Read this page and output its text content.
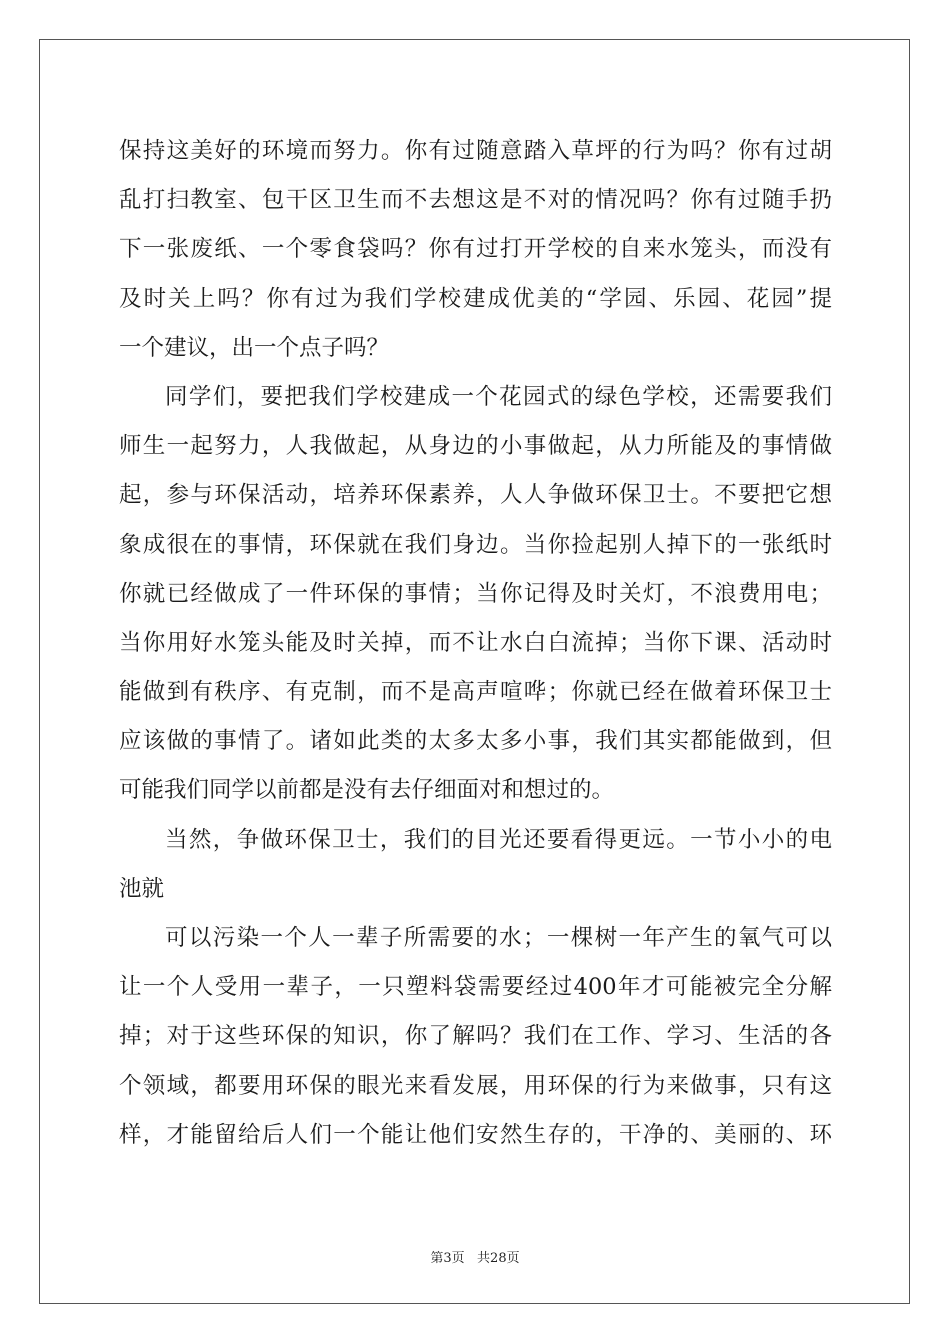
保持这美好的环境而努力。你有过随意踏入草坪的行为吗？你有过胡
乱打扫教室、包干区卫生而不去想这是不对的情况吗？你有过随手扔
下一张废纸、一个零食袋吗？你有过打开学校的自来水笼头，而没有
及时关上吗？你有过为我们学校建成优美的“学园、乐园、花园”提
一个建议，出一个点子吗？
同学们，要把我们学校建成一个花园式的绿色学校，还需要我们
师生一起努力，人我做起，从身边的小事做起，从力所能及的事情做
起，参与环保活动，培养环保素养，人人争做环保卫士。不要把它想
象成很在的事情，环保就在我们身边。当你捡起别人掉下的一张纸时
你就已经做成了一件环保的事情；当你记得及时关灯，不浪费用电；
当你用好水笼头能及时关掉，而不让水白白流掉；当你下课、活动时
能做到有秩序、有克制，而不是高声喧哗；你就已经在做着环保卫士
应该做的事情了。诸如此类的太多太多小事，我们其实都能做到，但
可能我们同学以前都是没有去仔细面对和想过的。
当然，争做环保卫士，我们的目光还要看得更远。一节小小的电
池就
可以污染一个人一辈子所需要的水；一棵树一年产生的氧气可以
让一个人受用一辈子，一只塑料袋需要经过400年才可能被完全分解
掉；对于这些环保的知识，你了解吗？我们在工作、学习、生活的各
个领域，都要用环保的眼光来看发展，用环保的行为来做事，只有这
样，才能留给后人们一个能让他们安然生存的，干净的、美丽的、环
第3页   共28页
